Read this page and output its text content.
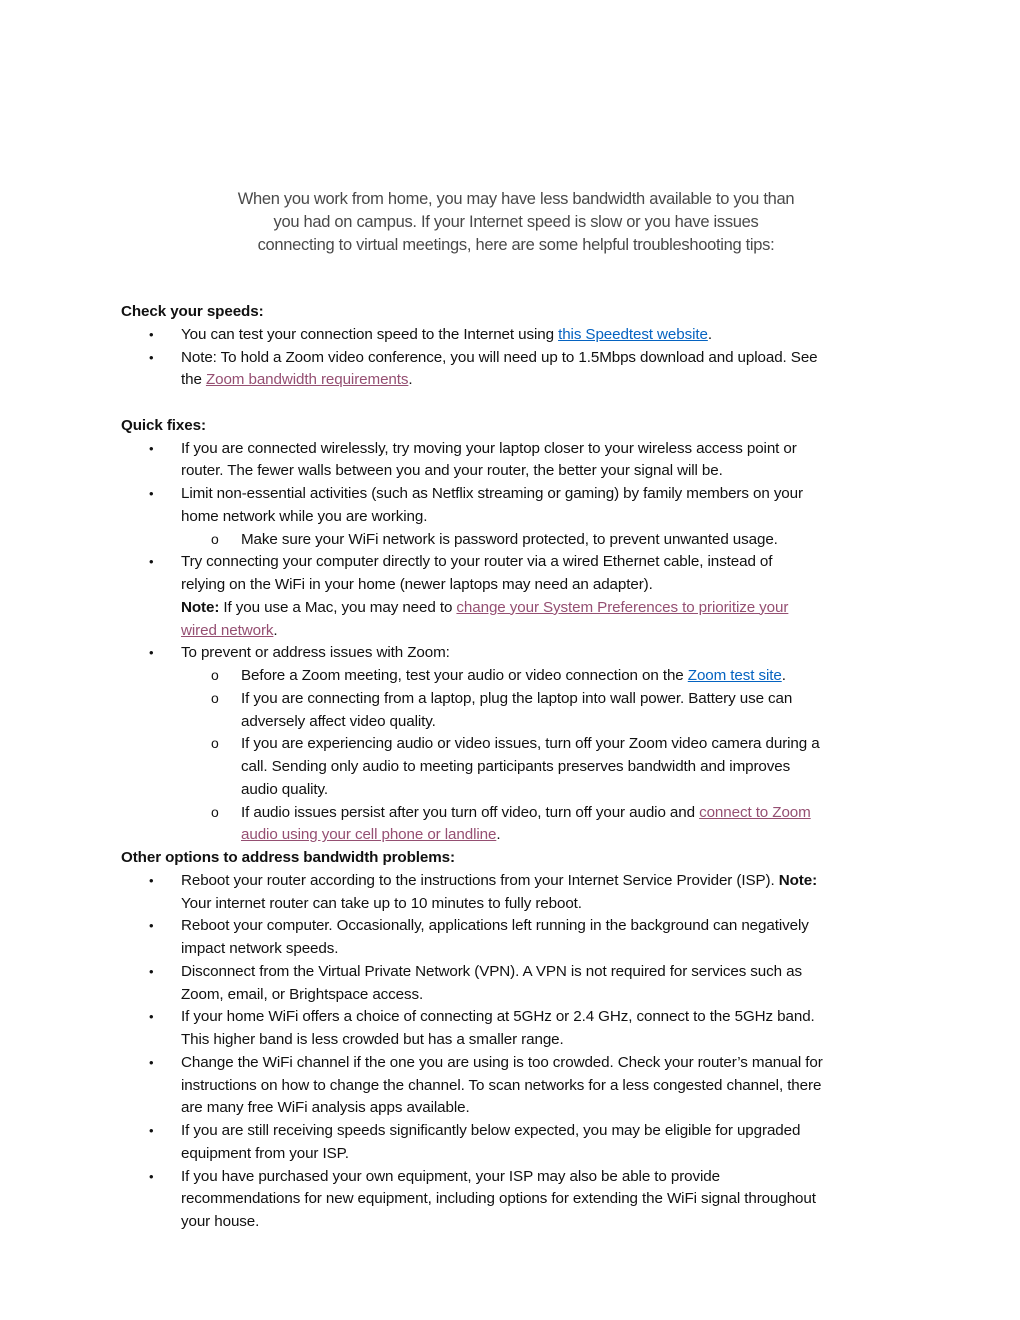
When you work from home, you may have less bandwidth available to you than
you had on campus. If your Internet speed is slow or you have issues
connecting to virtual meetings, here are some helpful troubleshooting tips:
Check your speeds:
• You can test your connection speed to the Internet using this Speedtest website.
• Note: To hold a Zoom video conference, you will need up to 1.5Mbps download and upload. See
the Zoom bandwidth requirements.
Quick fixes:
• If you are connected wirelessly, try moving your laptop closer to your wireless access point or
router. The fewer walls between you and your router, the better your signal will be.
• Limit non-essential activities (such as Netflix streaming or gaming) by family members on your
home network while you are working.
o Make sure your WiFi network is password protected, to prevent unwanted usage.
• Try connecting your computer directly to your router via a wired Ethernet cable, instead of
relying on the WiFi in your home (newer laptops may need an adapter).
Note: If you use a Mac, you may need to change your System Preferences to prioritize your
wired network.
• To prevent or address issues with Zoom:
o Before a Zoom meeting, test your audio or video connection on the Zoom test site.
o If you are connecting from a laptop, plug the laptop into wall power. Battery use can
adversely affect video quality.
o If you are experiencing audio or video issues, turn off your Zoom video camera during a
call. Sending only audio to meeting participants preserves bandwidth and improves
audio quality.
o If audio issues persist after you turn off video, turn off your audio and connect to Zoom
audio using your cell phone or landline.
Other options to address bandwidth problems:
• Reboot your router according to the instructions from your Internet Service Provider (ISP). Note:
Your internet router can take up to 10 minutes to fully reboot.
• Reboot your computer. Occasionally, applications left running in the background can negatively
impact network speeds.
• Disconnect from the Virtual Private Network (VPN). A VPN is not required for services such as
Zoom, email, or Brightspace access.
• If your home WiFi offers a choice of connecting at 5GHz or 2.4 GHz, connect to the 5GHz band.
This higher band is less crowded but has a smaller range.
• Change the WiFi channel if the one you are using is too crowded. Check your router’s manual for
instructions on how to change the channel. To scan networks for a less congested channel, there
are many free WiFi analysis apps available.
• If you are still receiving speeds significantly below expected, you may be eligible for upgraded
equipment from your ISP.
• If you have purchased your own equipment, your ISP may also be able to provide
recommendations for new equipment, including options for extending the WiFi signal throughout
your house.
